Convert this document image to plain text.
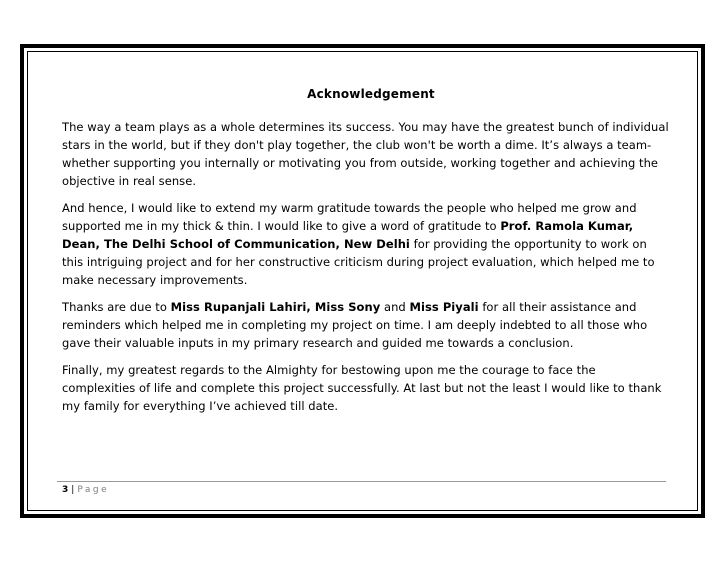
Acknowledgement

The way a team plays as a whole determines its success. You may have the greatest bunch of individual stars in the world, but if they don't play together, the club won't be worth a dime. It’s always a team- whether supporting you internally or motivating you from outside, working together and achieving the objective in real sense.

And hence, I would like to extend my warm gratitude towards the people who helped me grow and supported me in my thick & thin. I would like to give a word of gratitude to Prof. Ramola Kumar, Dean, The Delhi School of Communication, New Delhi for providing the opportunity to work on this intriguing project and for her constructive criticism during project evaluation, which helped me to make necessary improvements.

Thanks are due to Miss Rupanjali Lahiri, Miss Sony and Miss Piyali for all their assistance and reminders which helped me in completing my project on time. I am deeply indebted to all those who gave their valuable inputs in my primary research and guided me towards a conclusion.

Finally, my greatest regards to the Almighty for bestowing upon me the courage to face the complexities of life and complete this project successfully. At last but not the least I would like to thank my family for everything I’ve achieved till date.

3 | Page
